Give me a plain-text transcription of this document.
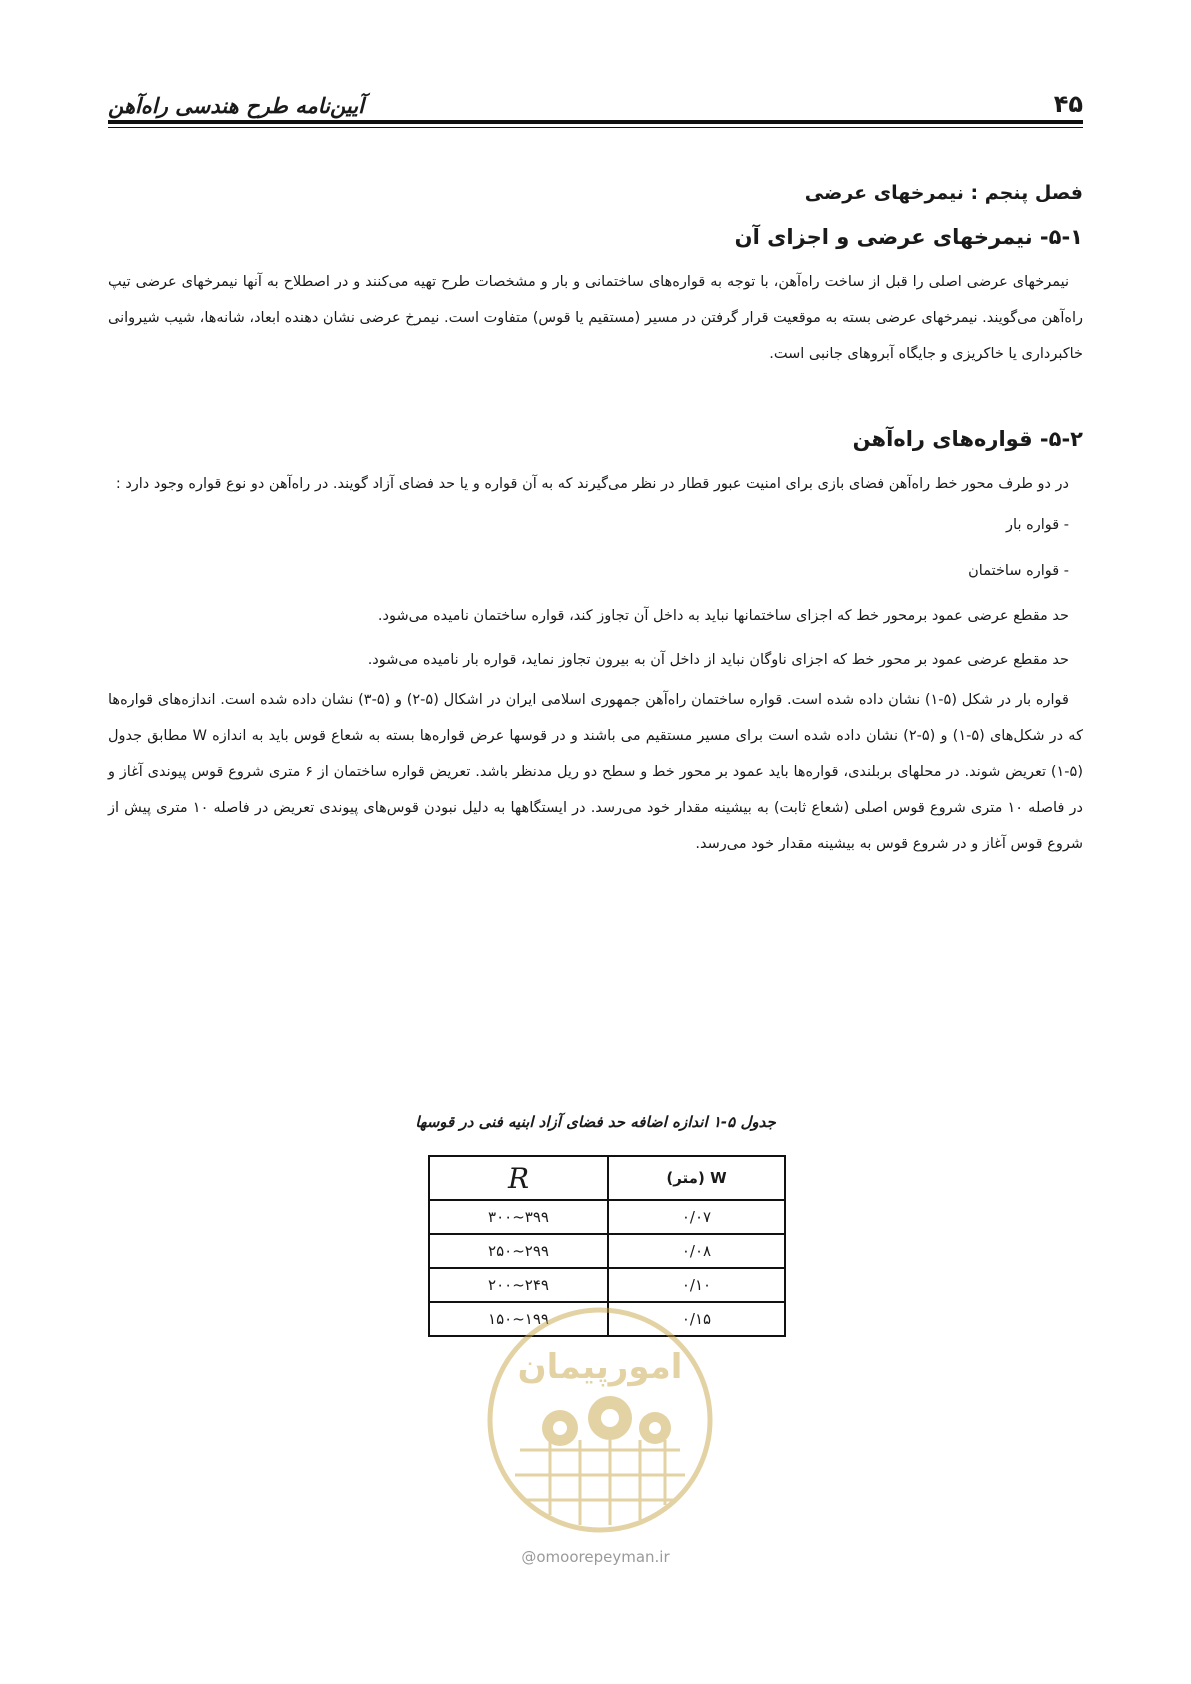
۴۵
آیین‌نامه طرح هندسی راه‌آهن
فصل پنجم : نیمرخهای عرضی
۵-۱- نیمرخهای عرضی و اجزای آن

نیمرخهای عرضی اصلی را قبل از ساخت راه‌آهن، با توجه به قواره‌های ساختمانی و بار و مشخصات طرح تهیه می‌کنند و در اصطلاح به آنها نیمرخهای عرضی تیپ راه‌آهن می‌گویند. نیمرخهای عرضی بسته به موقعیت قرار گرفتن در مسیر (مستقیم یا قوس) متفاوت است. نیمرخ عرضی نشان دهنده ابعاد، شانه‌ها، شیب شیروانی خاکبرداری یا خاکریزی و جایگاه آبروهای جانبی است.

۵-۲- قواره‌های راه‌آهن

در دو طرف محور خط راه‌آهن فضای بازی برای امنیت عبور قطار در نظر می‌گیرند که به آن قواره و یا حد فضای آزاد گویند. در راه‌آهن دو نوع قواره وجود دارد :

- قواره بار

- قواره ساختمان

حد مقطع عرضی عمود برمحور خط که اجزای ساختمانها نباید به داخل آن تجاوز کند، قواره ساختمان نامیده می‌شود.

حد مقطع عرضی عمود بر محور خط که اجزای ناوگان نباید از داخل آن به بیرون تجاوز نماید، قواره بار نامیده می‌شود.

قواره بار در شکل (۵-۱) نشان داده شده است. قواره ساختمان راه‌آهن جمهوری اسلامی ایران در اشکال (۵-۲) و (۵-۳) نشان داده شده است. اندازه‌های قواره‌ها که در شکل‌های (۵-۱) و (۵-۲) نشان داده شده است برای مسیر مستقیم می باشند و در قوسها عرض قواره‌ها بسته به شعاع قوس باید به اندازه W مطابق جدول (۵-۱) تعریض شوند. در محلهای بربلندی، قواره‌ها باید عمود بر محور خط و سطح دو ریل مدنظر باشد. تعریض قواره ساختمان از ۶ متری شروع قوس پیوندی آغاز و در فاصله ۱۰ متری شروع قوس اصلی (شعاع ثابت) به بیشینه مقدار خود می‌رسد. در ایستگاهها به دلیل نبودن قوس‌های پیوندی تعریض در فاصله ۱۰ متری پیش از شروع قوس آغاز و در شروع قوس به بیشینه مقدار خود می‌رسد.

جدول ۵-۱ اندازه اضافه حد فضای آزاد ابنیه فنی در قوسها
W (متر)	R
۰/۰۷	۳۹۹~۳۰۰
۰/۰۸	۲۹۹~۲۵۰
۰/۱۰	۲۴۹~۲۰۰
۰/۱۵	۱۹۹~۱۵۰
امورپیمان
@omoorepeyman.ir
